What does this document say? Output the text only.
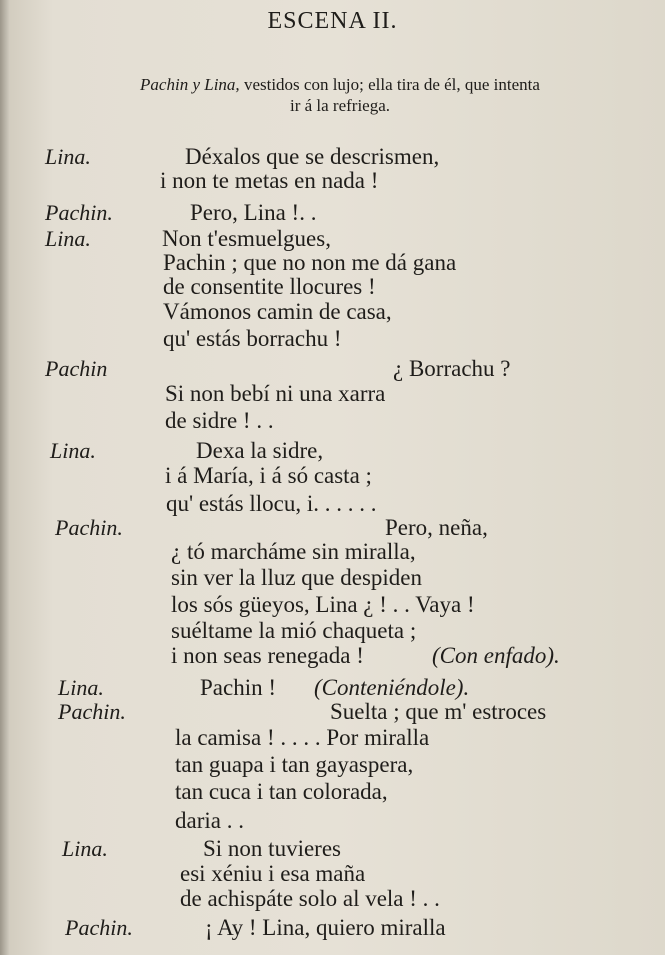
ESCENA II.
Pachin y Lina, vestidos con lujo; ella tira de él, que intenta
ir á la refriega.
Lina.	Déxalos que se descrismen,
i non te metas en nada !
Pachin.	Pero, Lina !. .
Lina.	Non t'esmuelgues,
Pachin ; que no non me dá gana
de consentite llocures !
Vámonos camin de casa,
qu' estás borrachu !
Pachin	¿ Borrachu ?
Si non bebí ni una xarra
de sidre ! . .
Lina.	Dexa la sidre,
i á María, i á só casta ;
qu' estás llocu, i. . . . . .
Pachin.	Pero, neña,
¿ tó marcháme sin miralla,
sin ver la lluz que despiden
los sós güeyos, Lina ¿ ! . . Vaya !
suéltame la mió chaqueta ;
i non seas renegada !	(Con enfado).
Lina.	Pachin ! (Conteniéndole).
Pachin.	Suelta ; que m' estroces
la camisa ! . . . . Por miralla
tan guapa i tan gayaspera,
tan cuca i tan colorada,
daria . .
Lina.	Si non tuvieres
esi xéniu i esa maña
de achispáte solo al vela ! . .
Pachin.	¡ Ay ! Lina, quiero miralla
